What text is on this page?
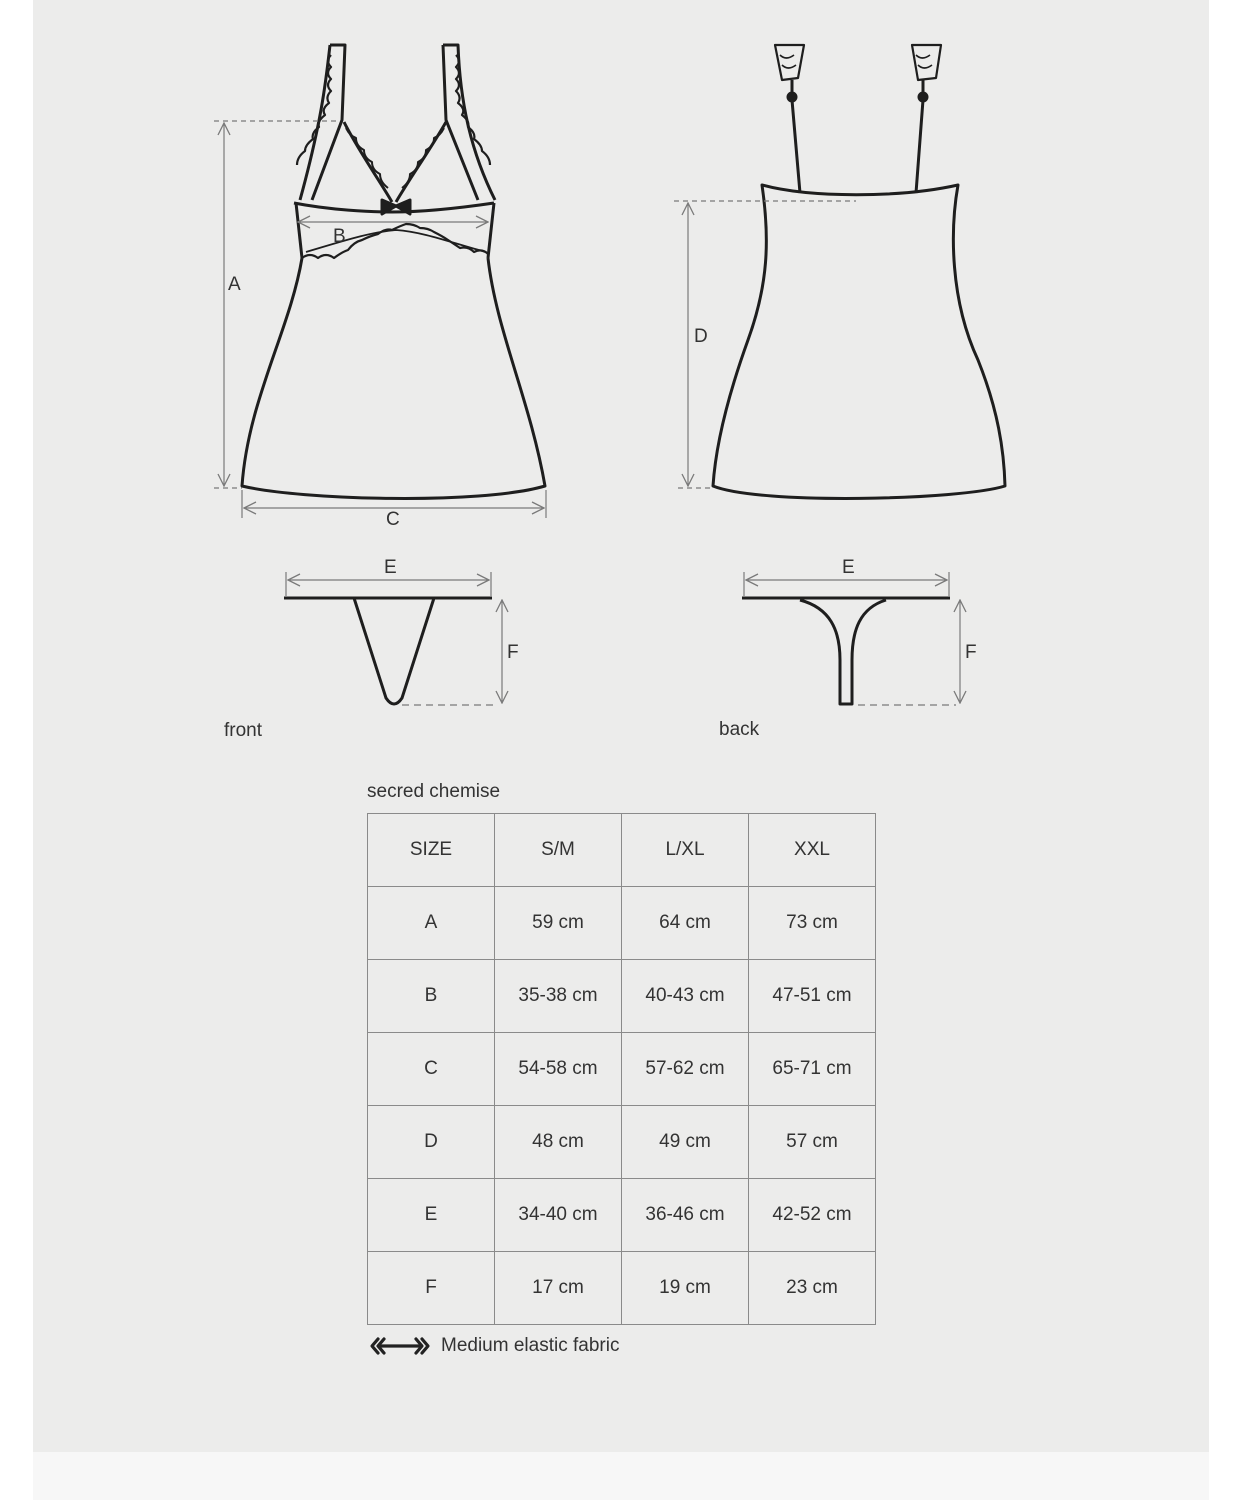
A
B
C
D
E
F
E
F
front	back
secred chemise
SIZE	S/M	L/XL	XXL
A	59 cm	64 cm	73 cm
B	35-38 cm	40-43 cm	47-51 cm
C	54-58 cm	57-62 cm	65-71 cm
D	48 cm	49 cm	57 cm
E	34-40 cm	36-46 cm	42-52 cm
F	17 cm	19 cm	23 cm
Medium elastic fabric
